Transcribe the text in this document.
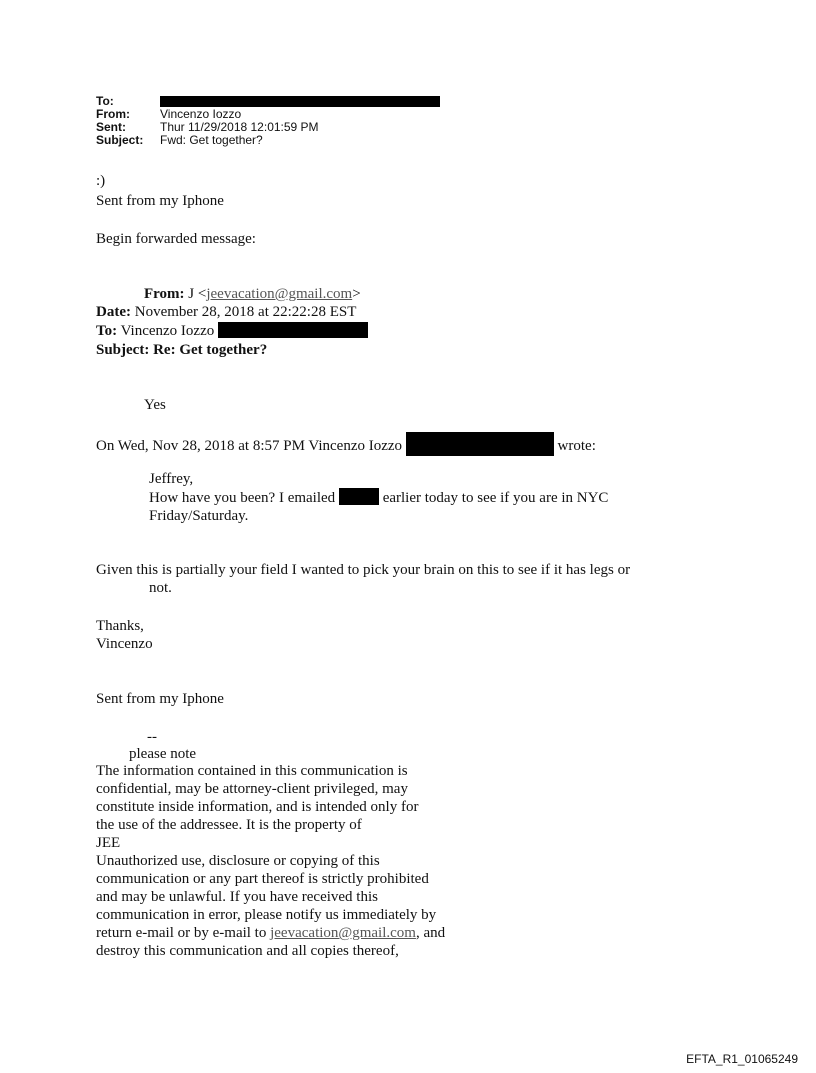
To:
From:	Vincenzo Iozzo
Sent:	Thur 11/29/2018 12:01:59 PM
Subject:	Fwd: Get together?
:)
Sent from my Iphone
Begin forwarded message:
From: J <jeevacation@gmail.com>
Date: November 28, 2018 at 22:22:28 EST
To: Vincenzo Iozzo
Subject: Re: Get together?
Yes
On Wed, Nov 28, 2018 at 8:57 PM Vincenzo Iozzo	wrote:
Jeffrey,
How have you been? I emailed	earlier today to see if you are in NYC
Friday/Saturday.
Given this is partially your field I wanted to pick your brain on this to see if it has legs or
not.
Thanks,
Vincenzo
Sent from my Iphone
--
please note
The information contained in this communication is
confidential, may be attorney-client privileged, may
constitute inside information, and is intended only for
the use of the addressee. It is the property of
JEE
Unauthorized use, disclosure or copying of this
communication or any part thereof is strictly prohibited
and may be unlawful. If you have received this
communication in error, please notify us immediately by
return e-mail or by e-mail to jeevacation@gmail.com, and
destroy this communication and all copies thereof,
EFTA_R1_01065249
